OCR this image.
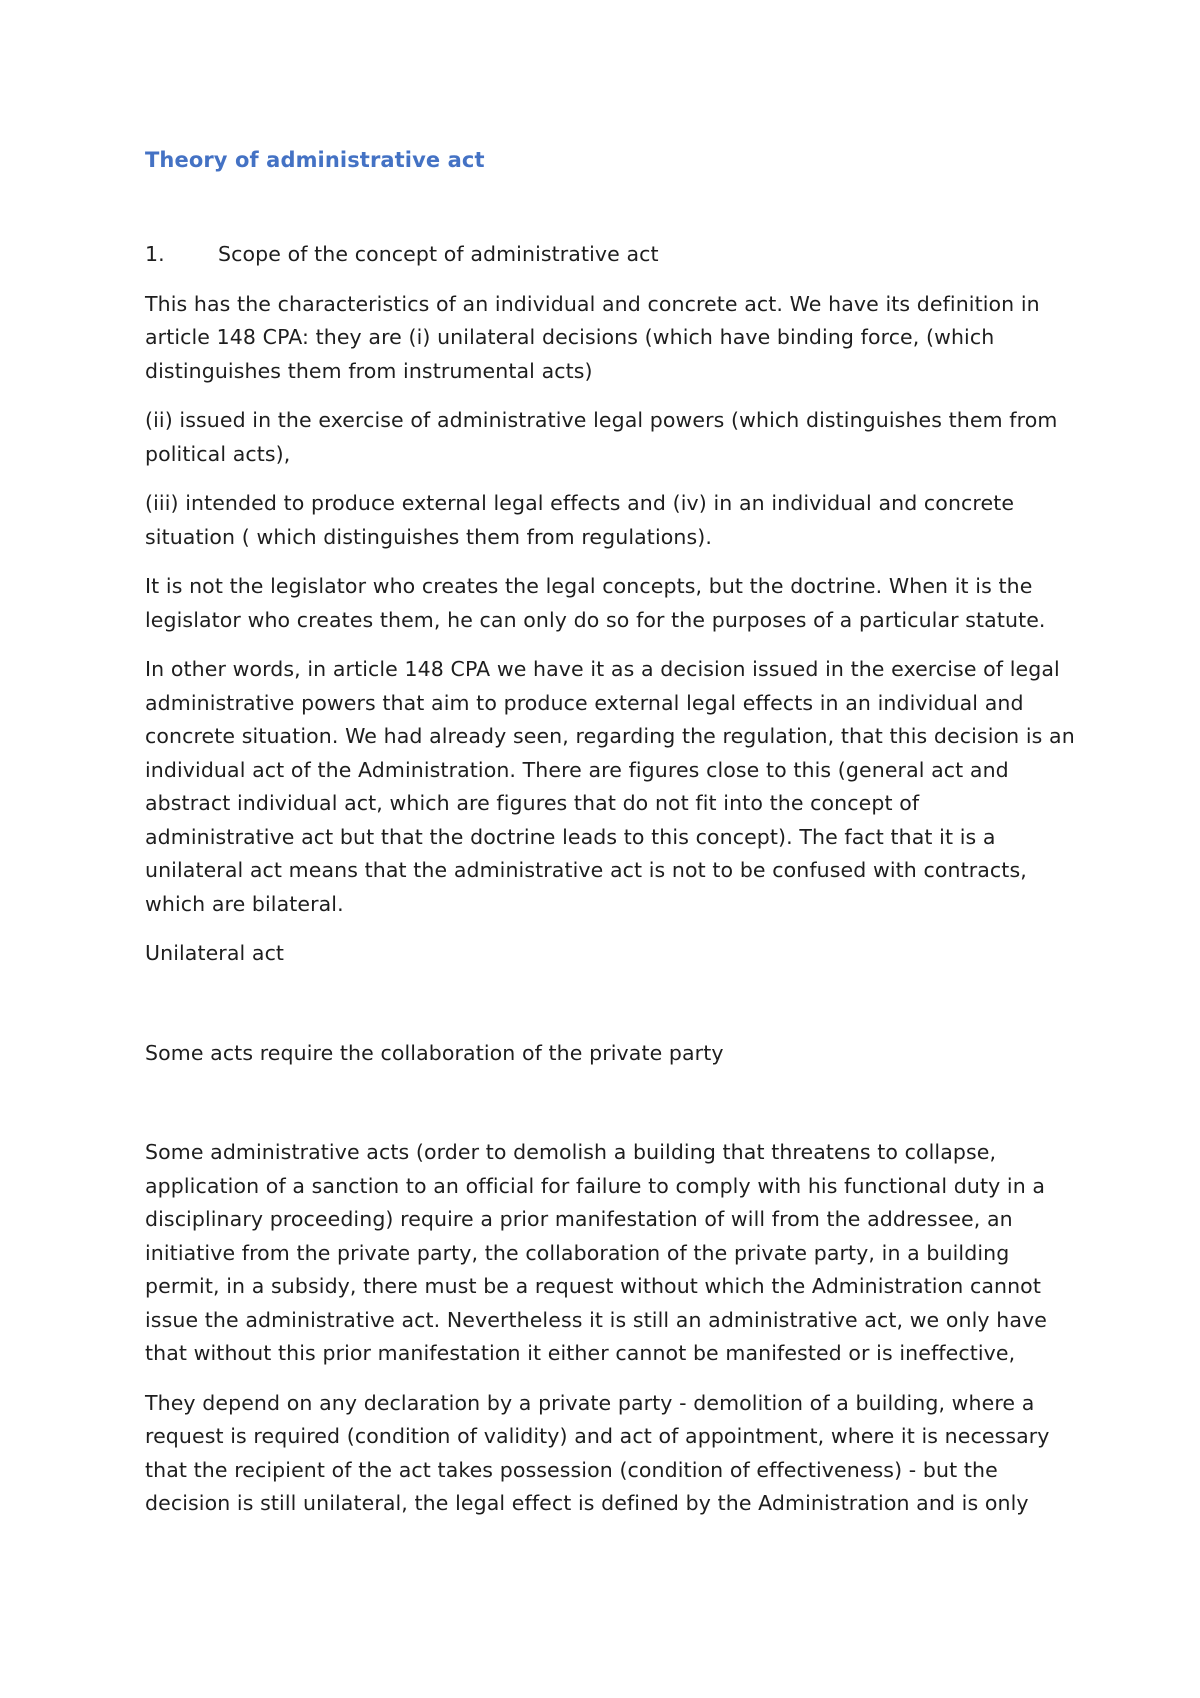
Theory of administrative act
1.	Scope of the concept of administrative act

This has the characteristics of an individual and concrete act. We have its definition in article 148 CPA: they are (i) unilateral decisions (which have binding force, (which distinguishes them from instrumental acts)

(ii) issued in the exercise of administrative legal powers (which distinguishes them from political acts),

(iii) intended to produce external legal effects and (iv) in an individual and concrete situation ( which distinguishes them from regulations).

It is not the legislator who creates the legal concepts, but the doctrine. When it is the legislator who creates them, he can only do so for the purposes of a particular statute.

In other words, in article 148 CPA we have it as a decision issued in the exercise of legal administrative powers that aim to produce external legal effects in an individual and concrete situation. We had already seen, regarding the regulation, that this decision is an individual act of the Administration. There are figures close to this (general act and abstract individual act, which are figures that do not fit into the concept of administrative act but that the doctrine leads to this concept). The fact that it is a unilateral act means that the administrative act is not to be confused with contracts, which are bilateral.

Unilateral act

Some acts require the collaboration of the private party

Some administrative acts (order to demolish a building that threatens to collapse, application of a sanction to an official for failure to comply with his functional duty in a disciplinary proceeding) require a prior manifestation of will from the addressee, an initiative from the private party, the collaboration of the private party, in a building permit, in a subsidy, there must be a request without which the Administration cannot issue the administrative act. Nevertheless it is still an administrative act, we only have that without this prior manifestation it either cannot be manifested or is ineffective,

They depend on any declaration by a private party - demolition of a building, where a request is required (condition of validity) and act of appointment, where it is necessary that the recipient of the act takes possession (condition of effectiveness) - but the decision is still unilateral, the legal effect is defined by the Administration and is only
